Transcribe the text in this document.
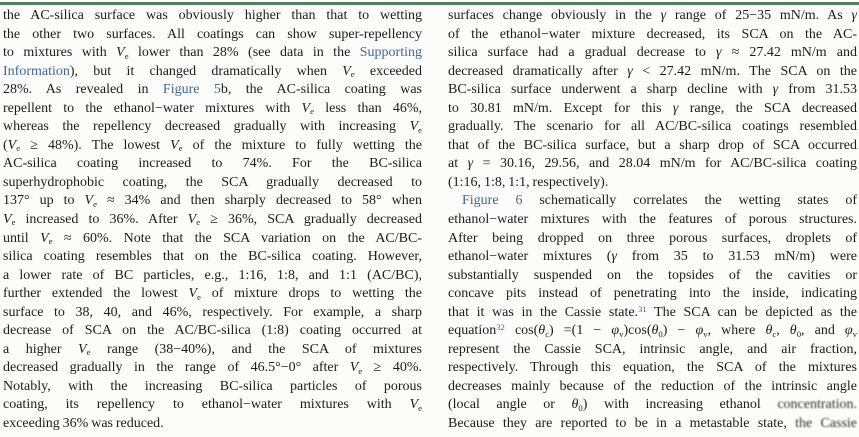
the AC-silica surface was obviously higher than that to wetting
the other two surfaces. All coatings can show super-repellency
to mixtures with $V_e$ lower than 28% (see data in the Supporting
Information), but it changed dramatically when $V_e$ exceeded
28%. As revealed in Figure 5b, the AC-silica coating was
repellent to the ethanol−water mixtures with $V_e$ less than 46%,
whereas the repellency decreased gradually with increasing $V_e$
$(V_e \ge 48\%)$. The lowest $V_e$ of the mixture to fully wetting the
AC-silica coating increased to 74%. For the BC-silica
superhydrophobic coating, the SCA gradually decreased to
137° up to $V_e \approx 34\%$ and then sharply decreased to 58° when
$V_e$ increased to 36%. After $V_e \ge 36\%$, SCA gradually decreased
until $V_e \approx 60\%$. Note that the SCA variation on the AC/BC-
silica coating resembles that on the BC-silica coating. However,
a lower rate of BC particles, e.g., 1:16, 1:8, and 1:1 (AC/BC),
further extended the lowest $V_e$ of mixture drops to wetting the
surface to 38, 40, and 46%, respectively. For example, a sharp
decrease of SCA on the AC/BC-silica (1:8) coating occurred at
a higher $V_e$ range (38−40%), and the SCA of mixtures
decreased gradually in the range of 46.5°−0° after $V_e \ge 40\%$.
Notably, with the increasing BC-silica particles of porous
coating, its repellency to ethanol−water mixtures with $V_e$
exceeding 36% was reduced.
surfaces change obviously in the γ range of 25−35 mN/m. As γ
of the ethanol−water mixture decreased, its SCA on the AC-
silica surface had a gradual decrease to γ ≈ 27.42 mN/m and
decreased dramatically after γ < 27.42 mN/m. The SCA on the
BC-silica surface underwent a sharp decline with γ from 31.53
to 30.81 mN/m. Except for this γ range, the SCA decreased
gradually. The scenario for all AC/BC-silica coatings resembled
that of the BC-silica surface, but a sharp drop of SCA occurred
at γ = 30.16, 29.56, and 28.04 mN/m for AC/BC-silica coating
(1:16, 1:8, 1:1, respectively).
Figure 6 schematically correlates the wetting states of
ethanol−water mixtures with the features of porous structures.
After being dropped on three porous surfaces, droplets of
ethanol−water mixtures (γ from 35 to 31.53 mN/m) were
substantially suspended on the topsides of the cavities or
concave pits instead of penetrating into the inside, indicating
that it was in the Cassie state.$^{31}$ The SCA can be depicted as the
equation$^{32}$ $\cos(\theta_c) =(1 - \varphi_v)\cos(\theta_0) - \varphi_v$, where $\theta_c$, $\theta_0$, and $\varphi_v$
represent the Cassie SCA, intrinsic angle, and air fraction,
respectively. Through this equation, the SCA of the mixtures
decreases mainly because of the reduction of the intrinsic angle
(local angle or $\theta_0$) with increasing ethanol concentration.
Because they are reported to be in a metastable state, the Cassie
